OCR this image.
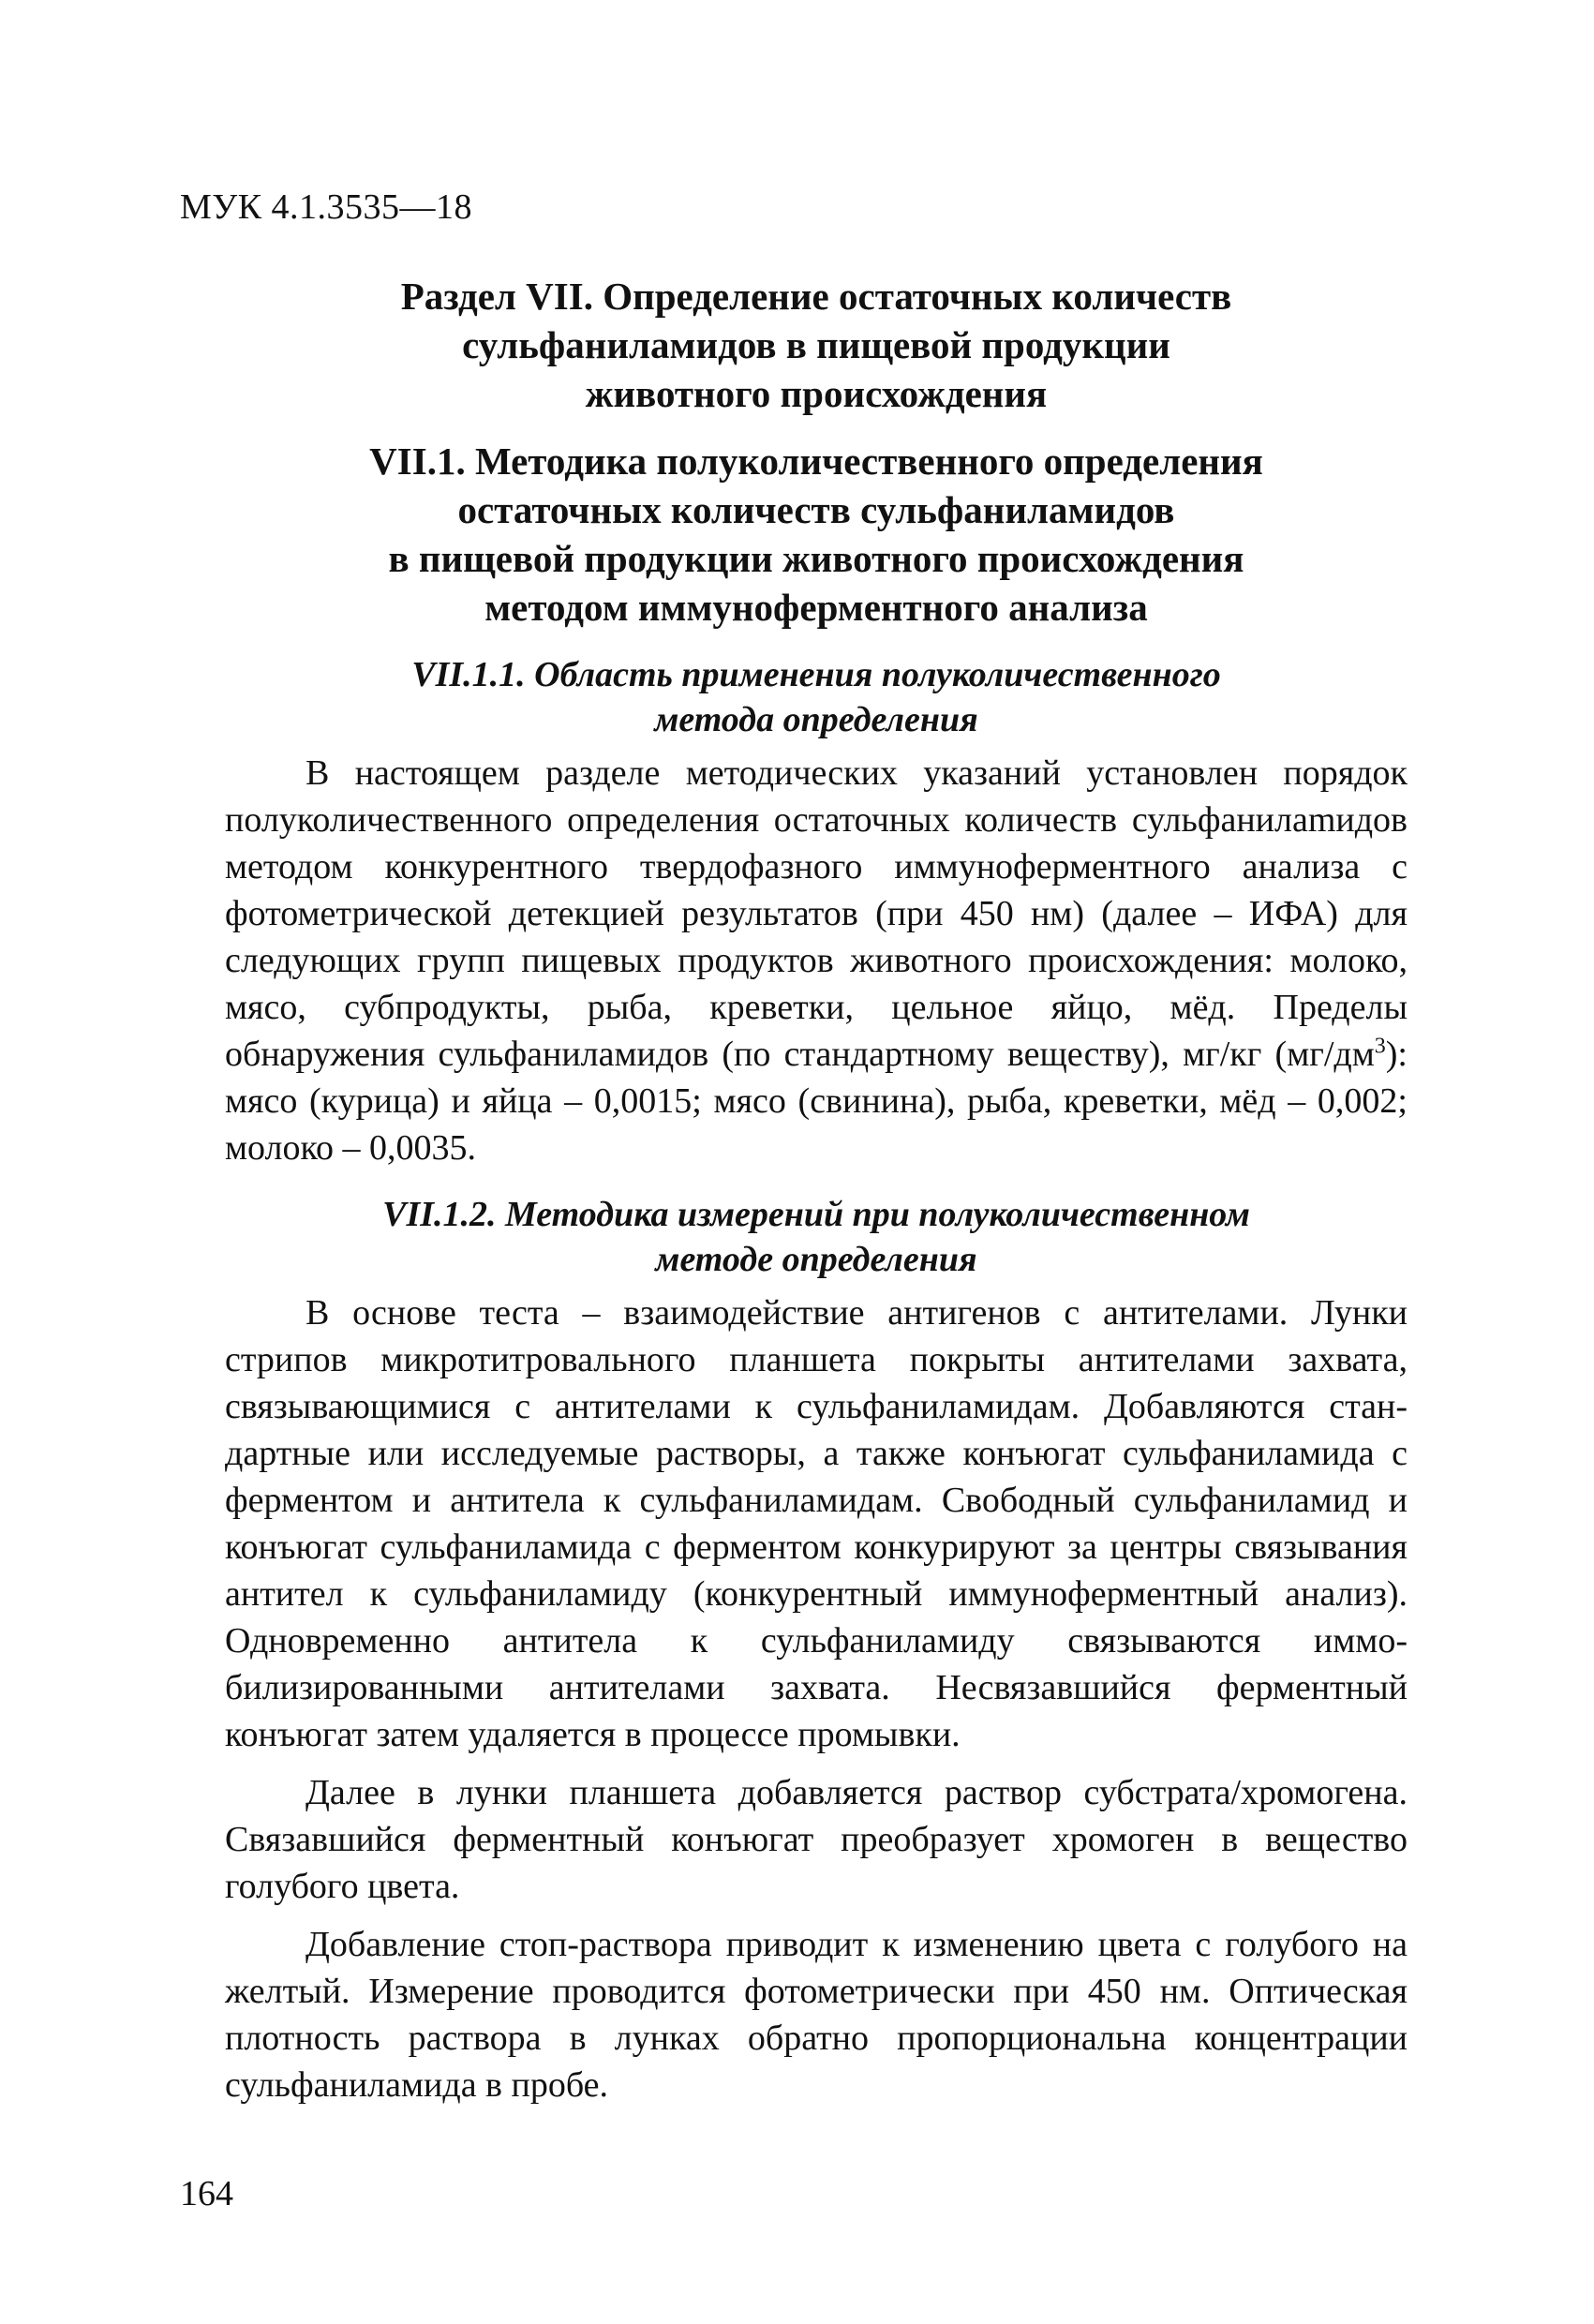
МУК 4.1.3535—18
Раздел VII. Определение остаточных количеств
сульфаниламидов в пищевой продукции
животного происхождения
VII.1. Методика полуколичественного определения
остаточных количеств сульфаниламидов
в пищевой продукции животного происхождения
методом иммуноферментного анализа
VII.1.1. Область применения полуколичественного
метода определения

В настоящем разделе методических указаний установлен порядок полуколичественного определения остаточных количеств сульфанилаmидов методом конкурентного твердофазного иммуноферментного анализа с фотометрической детекцией результатов (при 450 нм) (далее – ИФА) для следующих групп пищевых продуктов животного происхождения: молоко, мясо, субпродукты, рыба, креветки, цельное яйцо, мёд. Пределы обнаружения сульфаниламидов (по стандартному веществу), мг/кг $(мг/дм^3)$: мясо (курица) и яйца – 0,0015; мясо (свинина), рыба, креветки, мёд – 0,002; молоко – 0,0035.

VII.1.2. Методика измерений при полуколичественном
методе определения

В основе теста – взаимодействие антигенов с антителами. Лунки стрипов микротитровального планшета покрыты антителами захвата, связывающимися с антителами к сульфаниламидам. Добавляются стандартные или исследуемые растворы, а также конъюгат сульфаниламида с ферментом и антитела к сульфаниламидам. Свободный сульфаниламид и конъюгат сульфаниламида с ферментом конкурируют за центры связывания антител к сульфаниламиду (конкурентный иммуноферментный анализ). Одновременно антитела к сульфаниламиду связываются иммобилизированными антителами захвата. Несвязавшийся ферментный конъюгат затем удаляется в процессе промывки.

Далее в лунки планшета добавляется раствор субстрата/хромогена. Связавшийся ферментный конъюгат преобразует хромоген в вещество голубого цвета.

Добавление стоп-раствора приводит к изменению цвета с голубого на желтый. Измерение проводится фотометрически при 450 нм. Оптическая плотность раствора в лунках обратно пропорциональна концентрации сульфаниламида в пробе.

164
